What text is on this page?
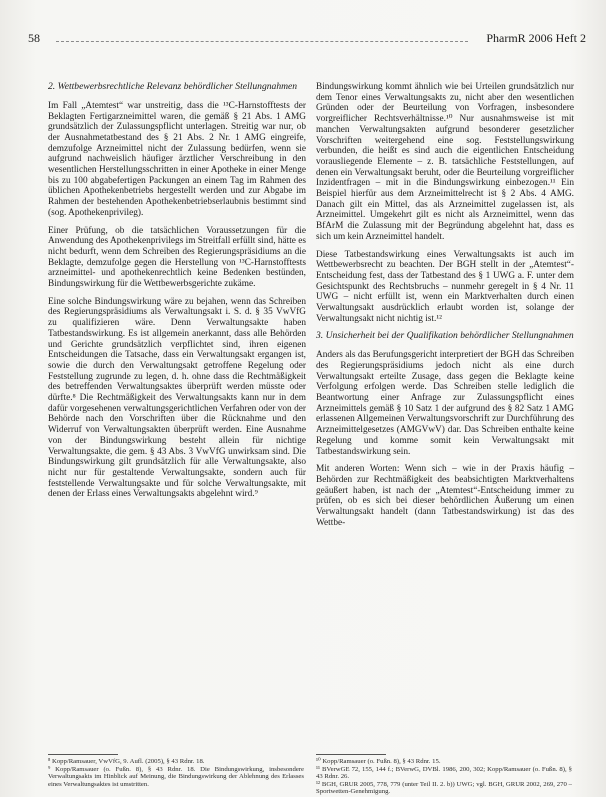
58	PharmR 2006 Heft 2
2. Wettbewerbsrechtliche Relevanz behördlicher Stellungnahmen

Im Fall „Atemtest“ war unstreitig, dass die ¹³C-Harnstofftests der Beklagten Fertigarzneimittel waren, die gemäß § 21 Abs. 1 AMG grundsätzlich der Zulassungspflicht unterlagen. Streitig war nur, ob der Ausnahmetatbestand des § 21 Abs. 2 Nr. 1 AMG eingreife, demzufolge Arzneimittel nicht der Zulassung bedürfen, wenn sie aufgrund nachweislich häufiger ärztlicher Verschreibung in den wesentlichen Herstellungsschritten in einer Apotheke in einer Menge bis zu 100 abgabefertigen Packungen an einem Tag im Rahmen des üblichen Apothekenbetriebs hergestellt werden und zur Abgabe im Rahmen der bestehenden Apothekenbetriebserlaubnis bestimmt sind (sog. Apothekenprivileg).

Einer Prüfung, ob die tatsächlichen Voraussetzungen für die Anwendung des Apothekenprivilegs im Streitfall erfüllt sind, hätte es nicht bedurft, wenn dem Schreiben des Regierungspräsidiums an die Beklagte, demzufolge gegen die Herstellung von ¹³C-Harnstofftests arzneimittel- und apothekenrechtlich keine Bedenken bestünden, Bindungswirkung für die Wettbewerbsgerichte zukäme.

Eine solche Bindungswirkung wäre zu bejahen, wenn das Schreiben des Regierungspräsidiums als Verwaltungsakt i. S. d. § 35 VwVfG zu qualifizieren wäre. Denn Verwaltungsakte haben Tatbestandswirkung. Es ist allgemein anerkannt, dass alle Behörden und Gerichte grundsätzlich verpflichtet sind, ihren eigenen Entscheidungen die Tatsache, dass ein Verwaltungsakt ergangen ist, sowie die durch den Verwaltungsakt getroffene Regelung oder Feststellung zugrunde zu legen, d. h. ohne dass die Rechtmäßigkeit des betreffenden Verwaltungsaktes überprüft werden müsste oder dürfte.⁸ Die Rechtmäßigkeit des Verwaltungsakts kann nur in dem dafür vorgesehenen verwaltungsgerichtlichen Verfahren oder von der Behörde nach den Vorschriften über die Rücknahme und den Widerruf von Verwaltungsakten überprüft werden. Eine Ausnahme von der Bindungswirkung besteht allein für nichtige Verwaltungsakte, die gem. § 43 Abs. 3 VwVfG unwirksam sind. Die Bindungswirkung gilt grundsätzlich für alle Verwaltungsakte, also nicht nur für gestaltende Verwaltungsakte, sondern auch für feststellende Verwaltungsakte und für solche Verwaltungsakte, mit denen der Erlass eines Verwaltungsakts abgelehnt wird.⁹

⁸ Kopp/Ramsauer, VwVfG, 9. Aufl. (2005), § 43 Rdnr. 18.
⁹ Kopp/Ramsauer (o. Fußn. 8), § 43 Rdnr. 18. Die Bindungswirkung, insbesondere Verwaltungsakts im Hinblick auf Meinung, die Bindungswirkung der Ablehnung des Erlasses eines Verwaltungsaktes ist umstritten.

Bindungswirkung kommt ähnlich wie bei Urteilen grundsätzlich nur dem Tenor eines Verwaltungsakts zu, nicht aber den wesentlichen Gründen oder der Beurteilung von Vorfragen, insbesondere vorgreiflicher Rechtsverhältnisse.¹⁰ Nur ausnahmsweise ist mit manchen Verwaltungsakten aufgrund besonderer gesetzlicher Vorschriften weitergehend eine sog. Feststellungswirkung verbunden, die heißt es sind auch die eigentlichen Entscheidung vorausliegende Elemente – z. B. tatsächliche Feststellungen, auf denen ein Verwaltungsakt beruht, oder die Beurteilung vorgreiflicher Inzidentfragen – mit in die Bindungswirkung einbezogen.¹¹ Ein Beispiel hierfür aus dem Arzneimittelrecht ist § 2 Abs. 4 AMG. Danach gilt ein Mittel, das als Arzneimittel zugelassen ist, als Arzneimittel. Umgekehrt gilt es nicht als Arzneimittel, wenn das BfArM die Zulassung mit der Begründung abgelehnt hat, dass es sich um kein Arzneimittel handelt.

Diese Tatbestandswirkung eines Verwaltungsakts ist auch im Wettbewerbsrecht zu beachten. Der BGH stellt in der „Atemtest“-Entscheidung fest, dass der Tatbestand des § 1 UWG a. F. unter dem Gesichtspunkt des Rechtsbruchs – nunmehr geregelt in § 4 Nr. 11 UWG – nicht erfüllt ist, wenn ein Marktverhalten durch einen Verwaltungsakt ausdrücklich erlaubt worden ist, solange der Verwaltungsakt nicht nichtig ist.¹²

3. Unsicherheit bei der Qualifikation behördlicher Stellungnahmen

Anders als das Berufungsgericht interpretiert der BGH das Schreiben des Regierungspräsidiums jedoch nicht als eine durch Verwaltungsakt erteilte Zusage, dass gegen die Beklagte keine Verfolgung erfolgen werde. Das Schreiben stelle lediglich die Beantwortung einer Anfrage zur Zulassungspflicht eines Arzneimittels gemäß § 10 Satz 1 der aufgrund des § 82 Satz 1 AMG erlassenen Allgemeinen Verwaltungsvorschrift zur Durchführung des Arzneimittelgesetzes (AMGVwV) dar. Das Schreiben enthalte keine Regelung und komme somit kein Verwaltungsakt mit Tatbestandswirkung sein.

Mit anderen Worten: Wenn sich – wie in der Praxis häufig – Behörden zur Rechtmäßigkeit des beabsichtigten Marktverhaltens geäußert haben, ist nach der „Atemtest“-Entscheidung immer zu prüfen, ob es sich bei dieser behördlichen Äußerung um einen Verwaltungsakt handelt (dann Tatbestandswirkung) ist das des Wettbe-

¹⁰ Kopp/Ramsauer (o. Fußn. 8), § 43 Rdnr. 15.
¹¹ BVerwGE 72, 155, 144 f.; BVerwG, DVBl. 1986, 200, 302; Kopp/Ramsauer (o. Fußn. 8), § 43 Rdnr. 26.
¹² BGH, GRUR 2005, 778, 779 (unter Teil II. 2. b)) UWG; vgl. BGH, GRUR 2002, 269, 270 – Sportwetten-Genehmigung.
